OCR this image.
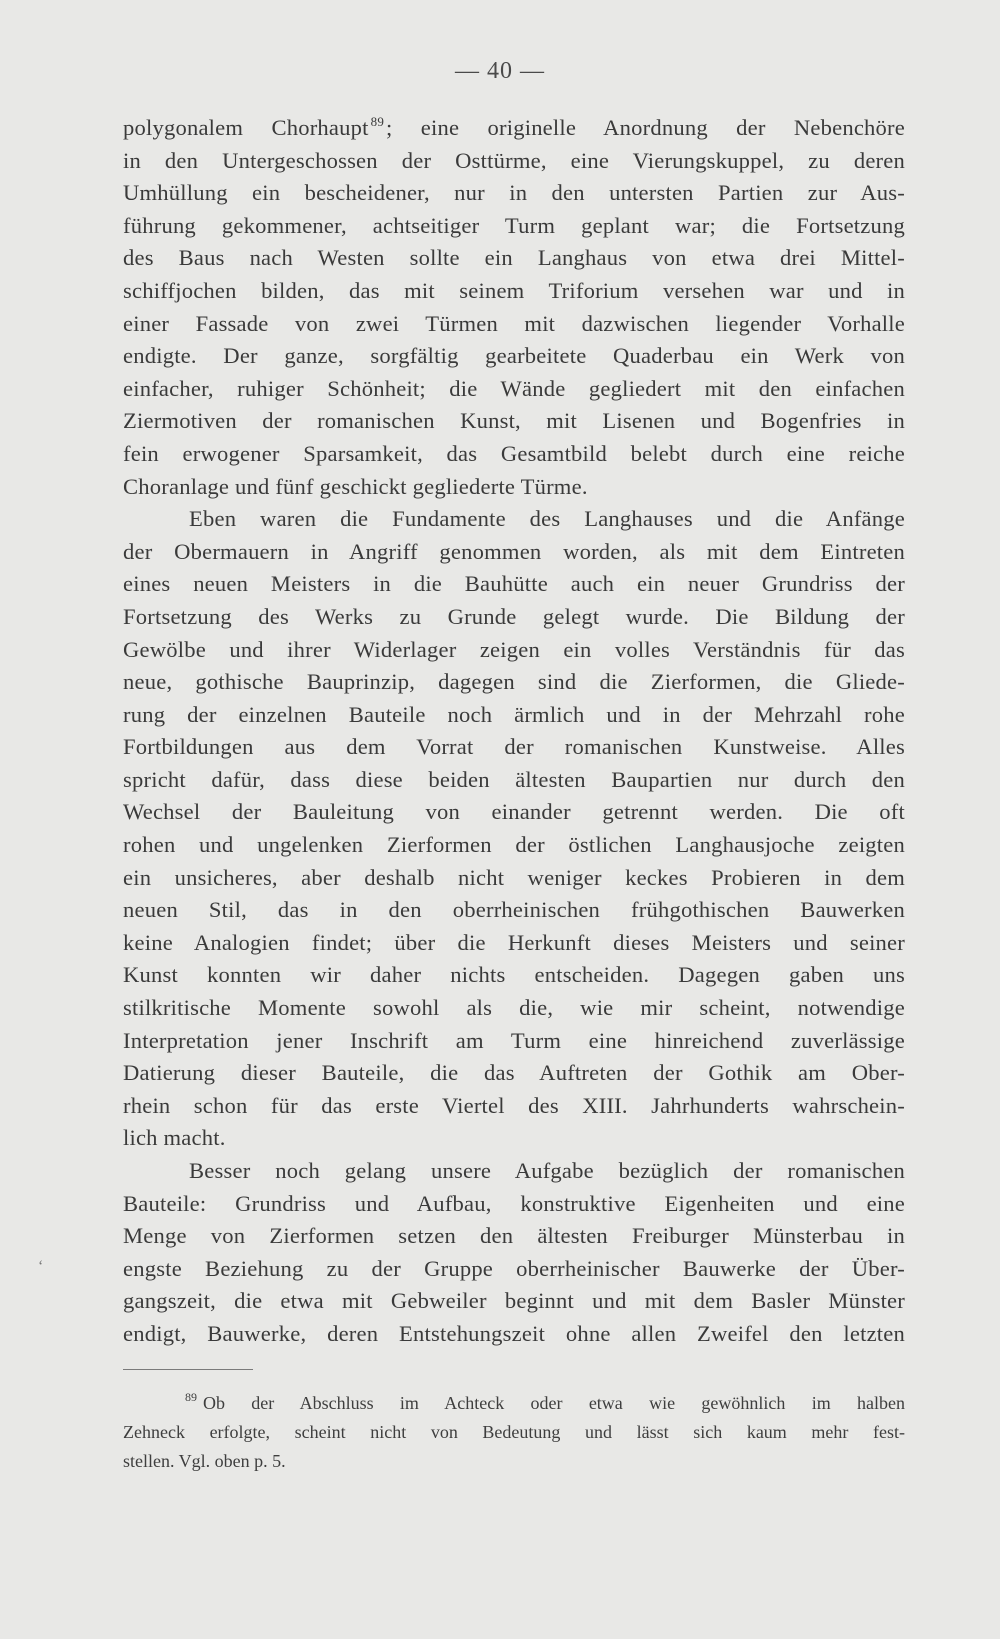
— 40 —

polygonalem Chorhaupt $^{89}$; eine originelle Anordnung der Nebenchöre
in den Untergeschossen der Osttürme, eine Vierungskuppel, zu deren
Umhüllung ein bescheidener, nur in den untersten Partien zur Aus-
führung gekommener, achtseitiger Turm geplant war; die Fortsetzung
des Baus nach Westen sollte ein Langhaus von etwa drei Mittel-
schiffjochen bilden, das mit seinem Triforium versehen war und in
einer Fassade von zwei Türmen mit dazwischen liegender Vorhalle
endigte. Der ganze, sorgfältig gearbeitete Quaderbau ein Werk von
einfacher, ruhiger Schönheit; die Wände gegliedert mit den einfachen
Ziermotiven der romanischen Kunst, mit Lisenen und Bogenfries in
fein erwogener Sparsamkeit, das Gesamtbild belebt durch eine reiche
Choranlage und fünf geschickt gegliederte Türme.

Eben waren die Fundamente des Langhauses und die Anfänge
der Obermauern in Angriff genommen worden, als mit dem Eintreten
eines neuen Meisters in die Bauhütte auch ein neuer Grundriss der
Fortsetzung des Werks zu Grunde gelegt wurde. Die Bildung der
Gewölbe und ihrer Widerlager zeigen ein volles Verständnis für das
neue, gothische Bauprinzip, dagegen sind die Zierformen, die Gliede-
rung der einzelnen Bauteile noch ärmlich und in der Mehrzahl rohe
Fortbildungen aus dem Vorrat der romanischen Kunstweise. Alles
spricht dafür, dass diese beiden ältesten Baupartien nur durch den
Wechsel der Bauleitung von einander getrennt werden. Die oft
rohen und ungelenken Zierformen der östlichen Langhausjoche zeigten
ein unsicheres, aber deshalb nicht weniger keckes Probieren in dem
neuen Stil, das in den oberrheinischen frühgothischen Bauwerken
keine Analogien findet; über die Herkunft dieses Meisters und seiner
Kunst konnten wir daher nichts entscheiden. Dagegen gaben uns
stilkritische Momente sowohl als die, wie mir scheint, notwendige
Interpretation jener Inschrift am Turm eine hinreichend zuverlässige
Datierung dieser Bauteile, die das Auftreten der Gothik am Ober-
rhein schon für das erste Viertel des XIII. Jahrhunderts wahrschein-
lich macht.

Besser noch gelang unsere Aufgabe bezüglich der romanischen
Bauteile: Grundriss und Aufbau, konstruktive Eigenheiten und eine
Menge von Zierformen setzen den ältesten Freiburger Münsterbau in
engste Beziehung zu der Gruppe oberrheinischer Bauwerke der Über-
gangszeit, die etwa mit Gebweiler beginnt und mit dem Basler Münster
endigt, Bauwerke, deren Entstehungszeit ohne allen Zweifel den letzten

‘

$^{89}$ Ob der Abschluss im Achteck oder etwa wie gewöhnlich im halben
Zehneck erfolgte, scheint nicht von Bedeutung und lässt sich kaum mehr fest-
stellen. Vgl. oben p. 5.
